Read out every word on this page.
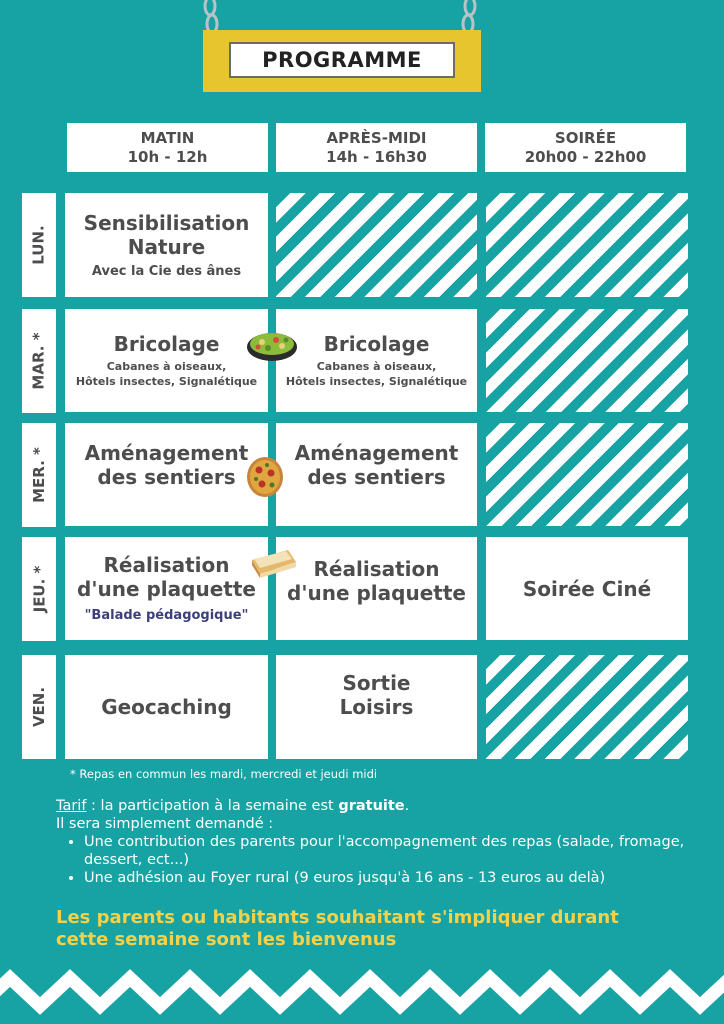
PROGRAMME
MATIN
10h - 12h
APRÈS-MIDI
14h - 16h30
SOIRÉE
20h00 - 22h00
LUN.
MAR. *
MER. *
JEU. *
VEN.
Sensibilisation
Nature
Avec la Cie des ânes
Bricolage
Cabanes à oiseaux,
Hôtels insectes, Signalétique
Bricolage
Cabanes à oiseaux,
Hôtels insectes, Signalétique
Aménagement
des sentiers
Aménagement
des sentiers
Réalisation
d'une plaquette
"Balade pédagogique"
Réalisation
d'une plaquette	Soirée Ciné
Geocaching
Sortie
Loisirs
* Repas en commun les mardi, mercredi et jeudi midi
Tarif : la participation à la semaine est gratuite.
Il sera simplement demandé :
• Une contribution des parents pour l'accompagnement des repas (salade, fromage, dessert, ect...)
• Une adhésion au Foyer rural (9 euros jusqu'à 16 ans - 13 euros au delà)
Les parents ou habitants souhaitant s'impliquer durant
cette semaine sont les bienvenus
